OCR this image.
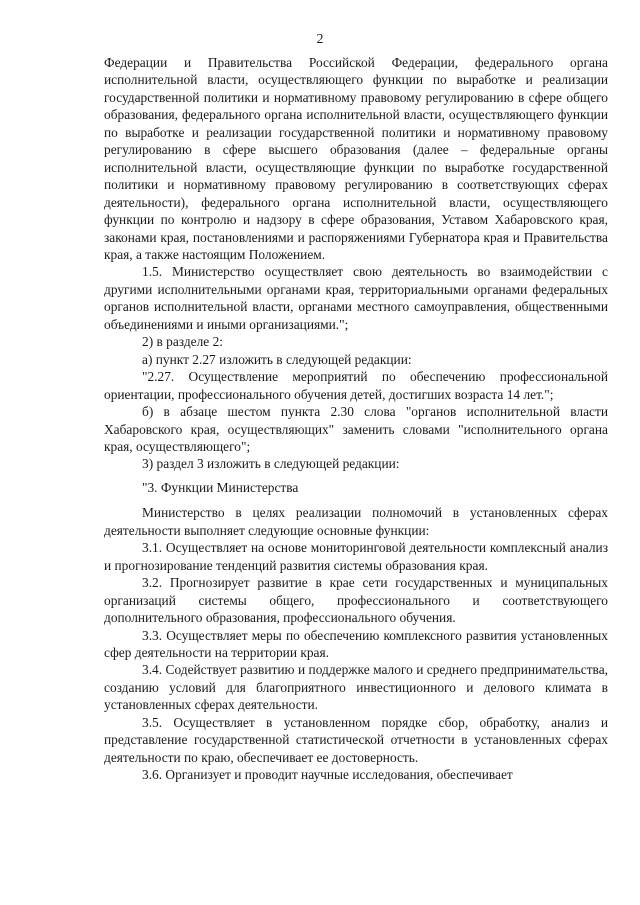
2

Федерации и Правительства Российской Федерации, федерального органа исполнительной власти, осуществляющего функции по выработке и реализации государственной политики и нормативному правовому регулированию в сфере общего образования, федерального органа исполнительной власти, осуществляющего функции по выработке и реализации государственной политики и нормативному правовому регулированию в сфере высшего образования (далее – федеральные органы исполнительной власти, осуществляющие функции по выработке государственной политики и нормативному правовому регулированию в соответствующих сферах деятельности), федерального органа исполнительной власти, осуществляющего функции по контролю и надзору в сфере образования, Уставом Хабаровского края, законами края, постановлениями и распоряжениями Губернатора края и Правительства края, а также настоящим Положением.

1.5. Министерство осуществляет свою деятельность во взаимодействии с другими исполнительными органами края, территориальными органами федеральных органов исполнительной власти, органами местного самоуправления, общественными объединениями и иными организациями.";

2) в разделе 2:

а) пункт 2.27 изложить в следующей редакции:

"2.27. Осуществление мероприятий по обеспечению профессиональной ориентации, профессионального обучения детей, достигших возраста 14 лет.";

б) в абзаце шестом пункта 2.30 слова "органов исполнительной власти Хабаровского края, осуществляющих" заменить словами "исполнительного органа края, осуществляющего";

3) раздел 3 изложить в следующей редакции:

"3. Функции Министерства

Министерство в целях реализации полномочий в установленных сферах деятельности выполняет следующие основные функции:

3.1. Осуществляет на основе мониторинговой деятельности комплексный анализ и прогнозирование тенденций развития системы образования края.

3.2. Прогнозирует развитие в крае сети государственных и муниципальных организаций системы общего, профессионального и соответствующего дополнительного образования, профессионального обучения.

3.3. Осуществляет меры по обеспечению комплексного развития установленных сфер деятельности на территории края.

3.4. Содействует развитию и поддержке малого и среднего предпринимательства, созданию условий для благоприятного инвестиционного и делового климата в установленных сферах деятельности.

3.5. Осуществляет в установленном порядке сбор, обработку, анализ и представление государственной статистической отчетности в установленных сферах деятельности по краю, обеспечивает ее достоверность.

3.6. Организует и проводит научные исследования, обеспечивает
